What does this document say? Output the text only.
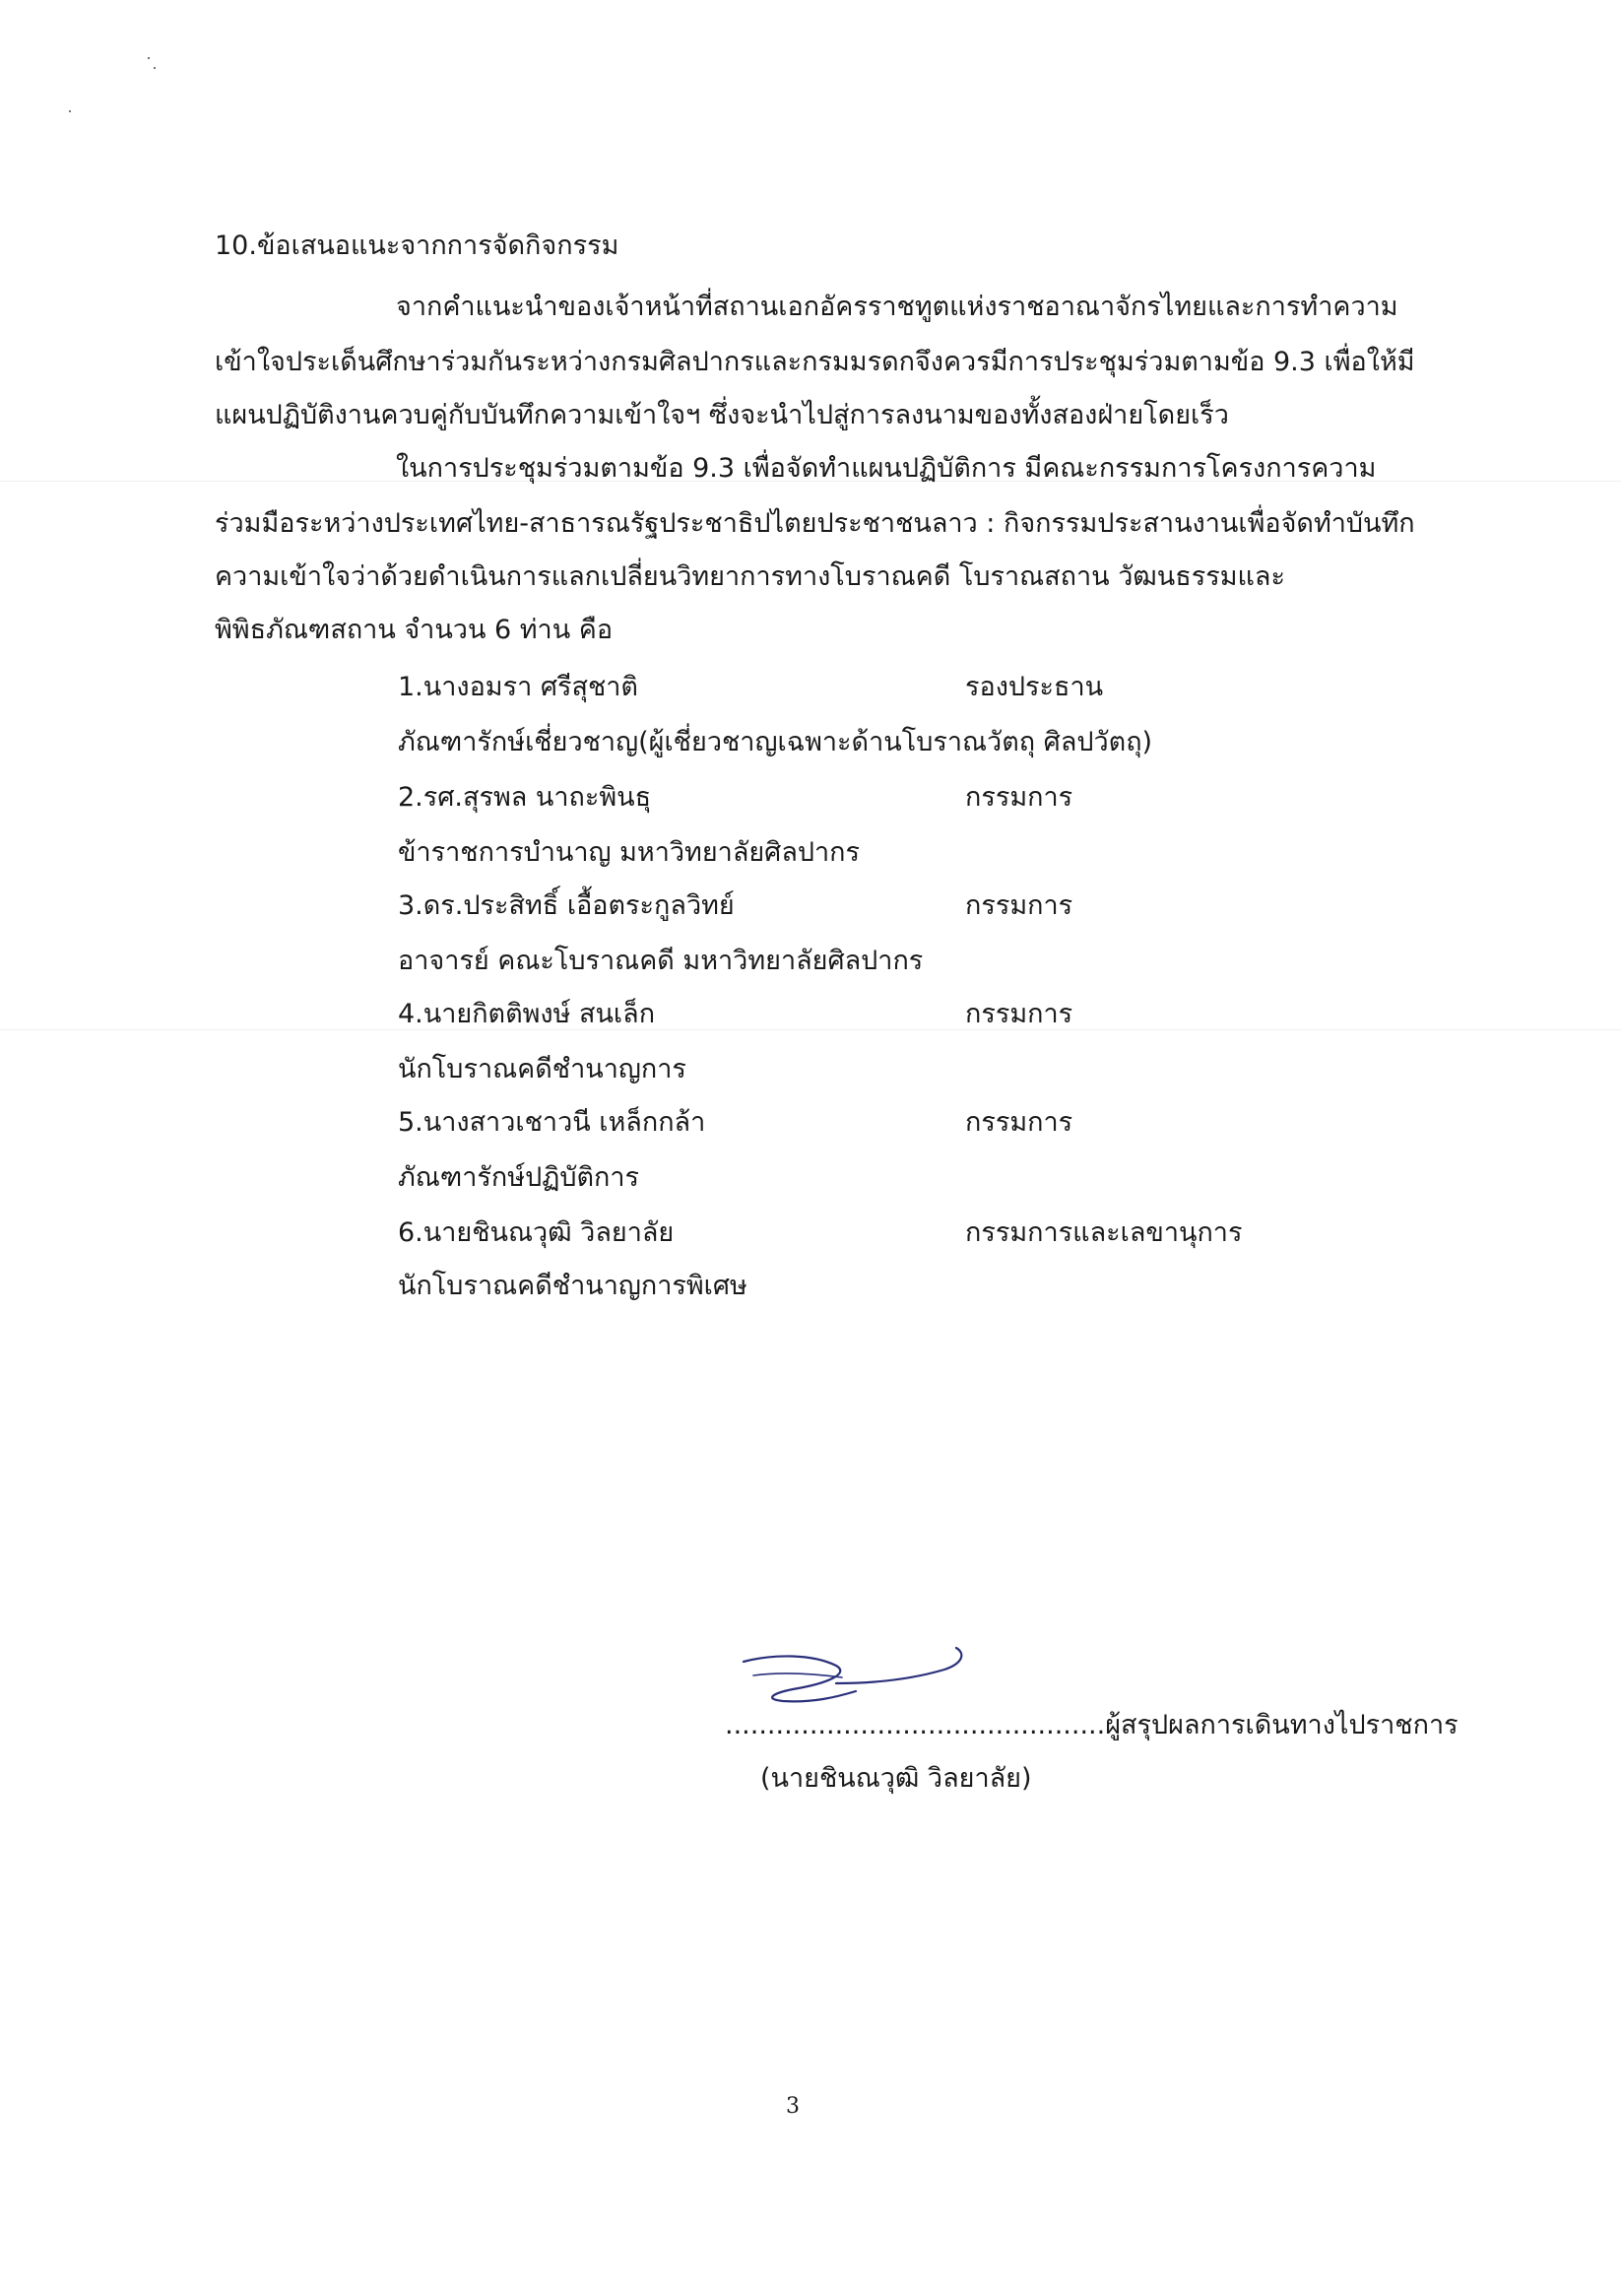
10.ข้อเสนอแนะจากการจัดกิจกรรม
จากคำแนะนำของเจ้าหน้าที่สถานเอกอัครราชทูตแห่งราชอาณาจักรไทยและการทำความ
เข้าใจประเด็นศึกษาร่วมกันระหว่างกรมศิลปากรและกรมมรดกจึงควรมีการประชุมร่วมตามข้อ 9.3 เพื่อให้มี
แผนปฏิบัติงานควบคู่กับบันทึกความเข้าใจฯ ซึ่งจะนำไปสู่การลงนามของทั้งสองฝ่ายโดยเร็ว
ในการประชุมร่วมตามข้อ 9.3 เพื่อจัดทำแผนปฏิบัติการ มีคณะกรรมการโครงการความ
ร่วมมือระหว่างประเทศไทย-สาธารณรัฐประชาธิปไตยประชาชนลาว : กิจกรรมประสานงานเพื่อจัดทำบันทึก
ความเข้าใจว่าด้วยดำเนินการแลกเปลี่ยนวิทยาการทางโบราณคดี โบราณสถาน วัฒนธรรมและ
พิพิธภัณฑสถาน จำนวน 6 ท่าน คือ
1.นางอมรา ศรีสุชาติ	รองประธาน
ภัณฑารักษ์เชี่ยวชาญ(ผู้เชี่ยวชาญเฉพาะด้านโบราณวัตถุ ศิลปวัตถุ)
2.รศ.สุรพล นาถะพินธุ	กรรมการ
ข้าราชการบำนาญ มหาวิทยาลัยศิลปากร
3.ดร.ประสิทธิ์ เอื้อตระกูลวิทย์	กรรมการ
อาจารย์ คณะโบราณคดี มหาวิทยาลัยศิลปากร
4.นายกิตติพงษ์ สนเล็ก	กรรมการ
นักโบราณคดีชำนาญการ
5.นางสาวเชาวนี เหล็กกล้า	กรรมการ
ภัณฑารักษ์ปฏิบัติการ
6.นายชินณวุฒิ วิลยาลัย	กรรมการและเลขานุการ
นักโบราณคดีชำนาญการพิเศษ
.............................................ผู้สรุปผลการเดินทางไปราชการ
(นายชินณวุฒิ วิลยาลัย)
3
